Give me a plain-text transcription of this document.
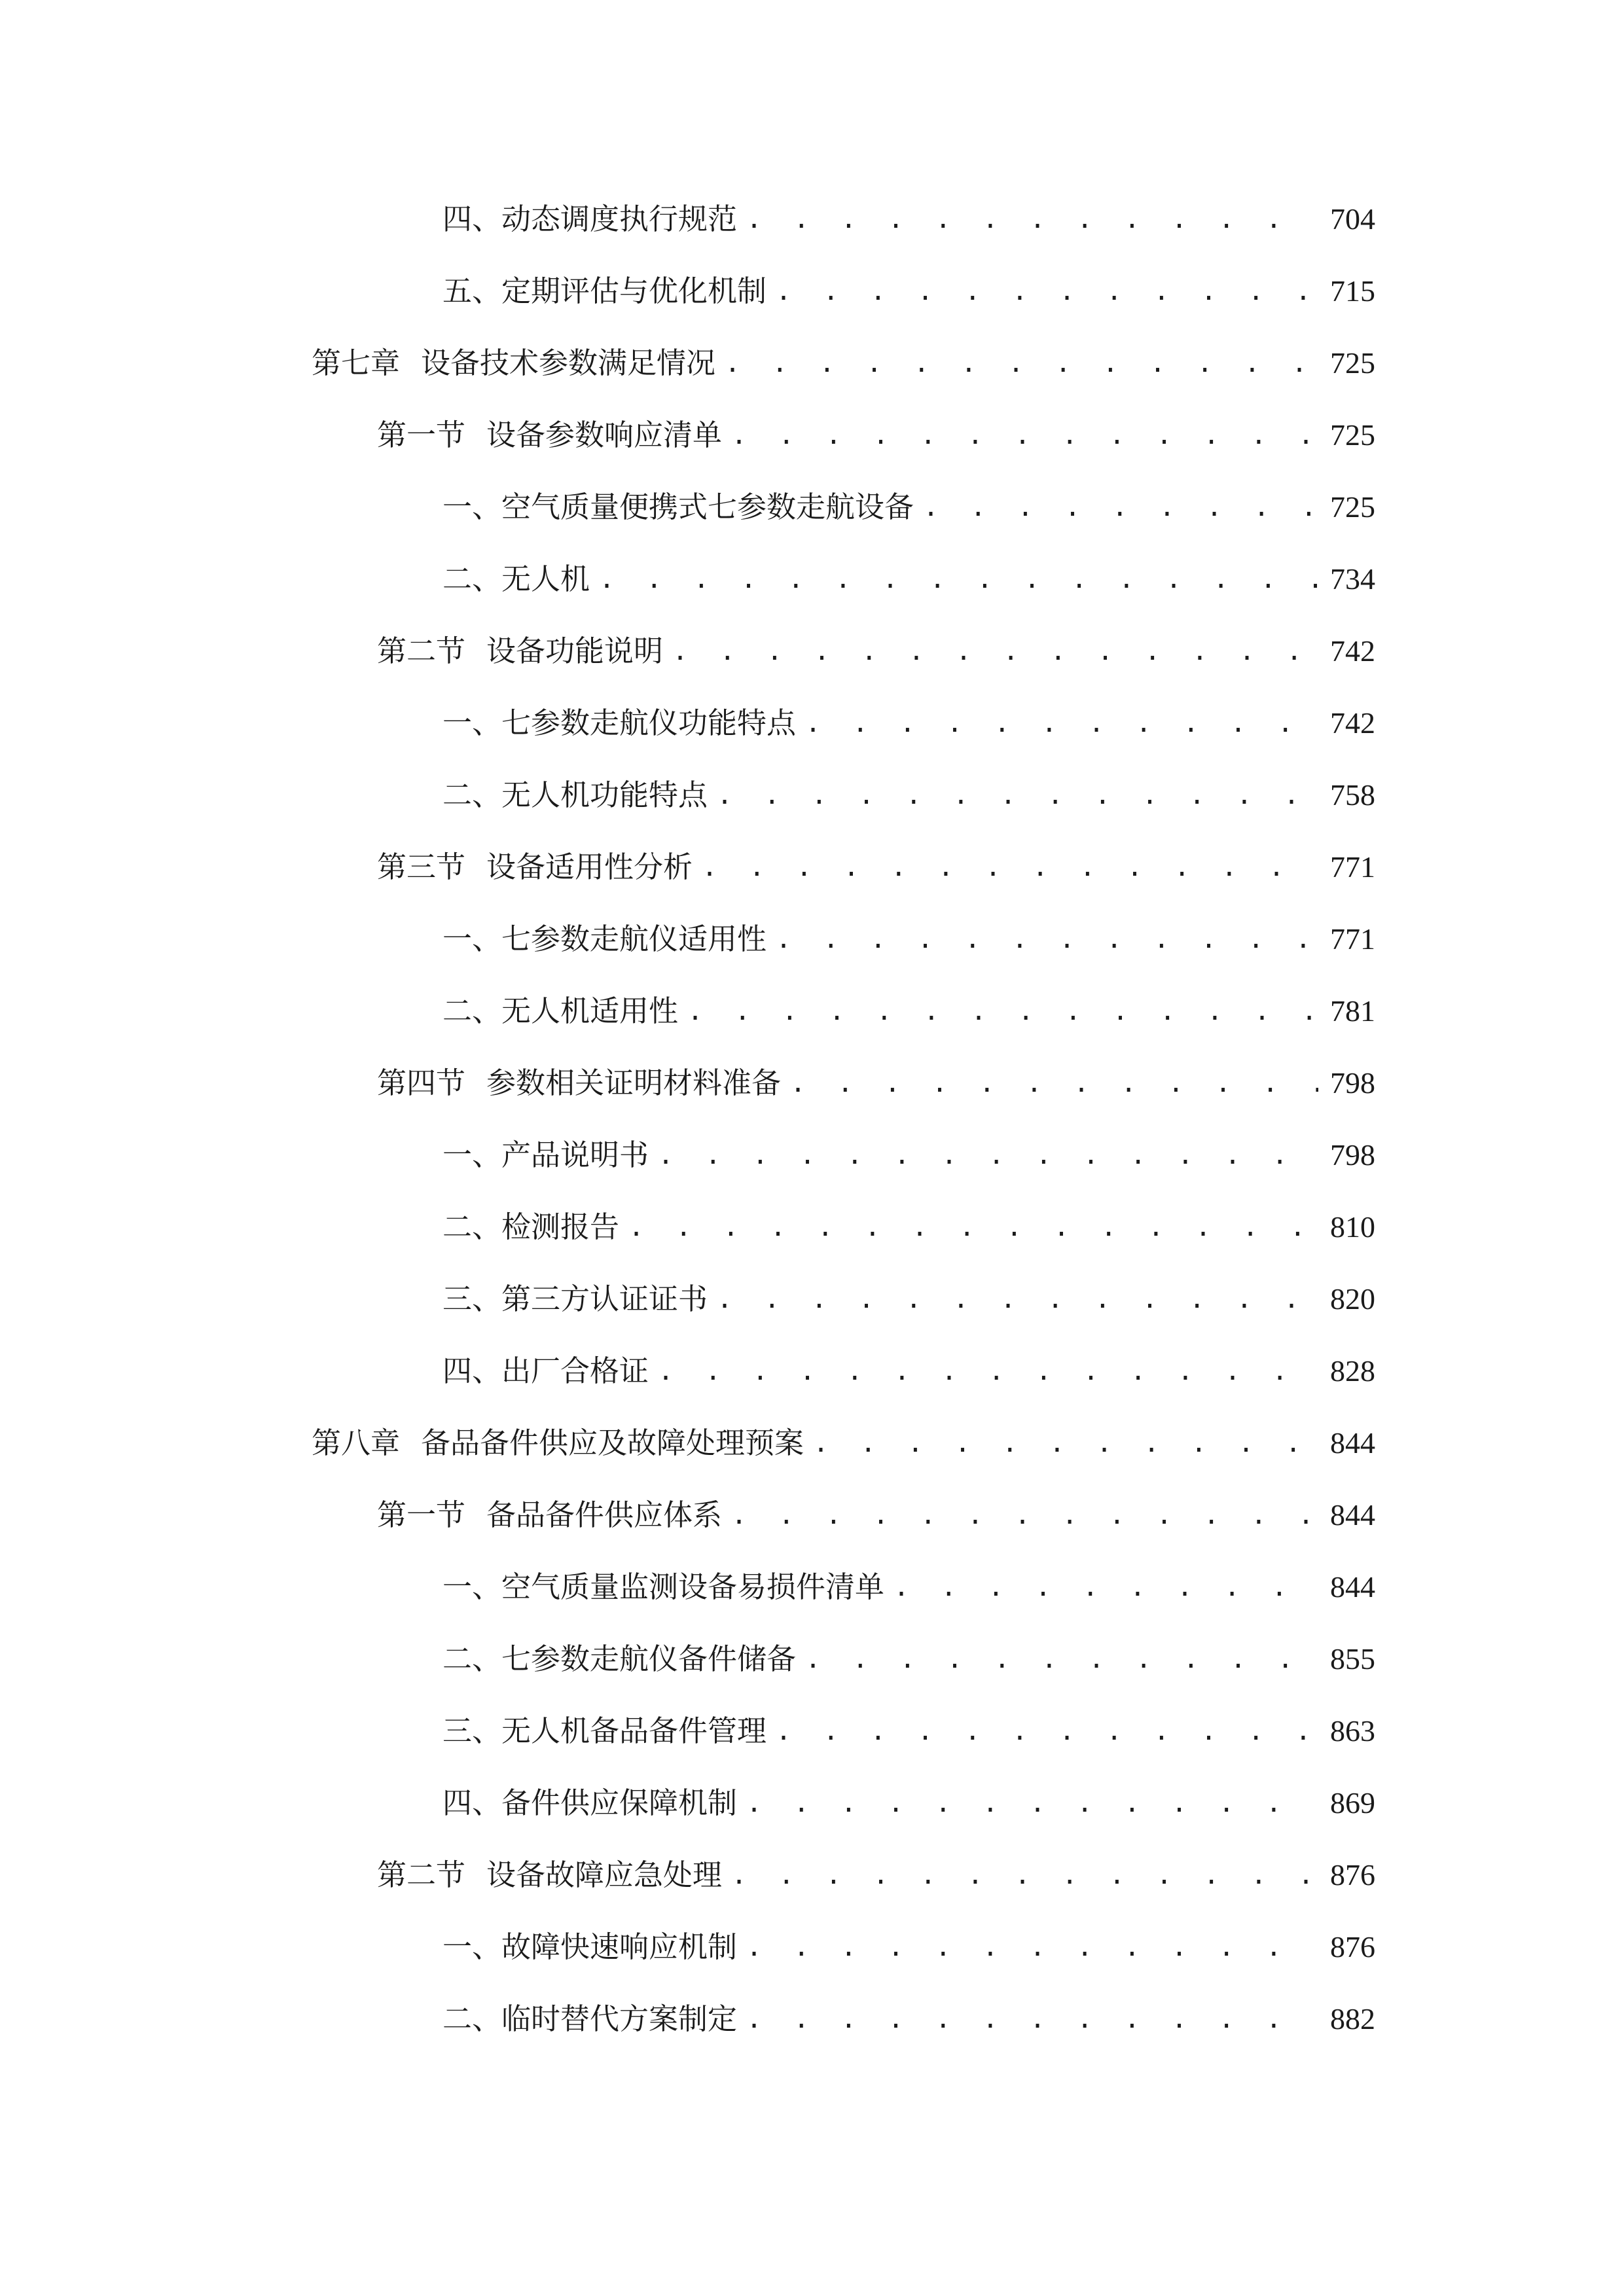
四、 动态调度执行规范 . . .	704
五、 定期评估与优化机制 . . .	715
第七章 设备技术参数满足情况 . . .	725
第一节 设备参数响应清单 . . .	725
一、 空气质量便携式七参数走航设备 . . .	725
二、 无人机 . . .	734
第二节 设备功能说明 . . .	742
一、 七参数走航仪功能特点 . . .	742
二、 无人机功能特点 . . .	758
第三节 设备适用性分析 . . .	771
一、 七参数走航仪适用性 . . .	771
二、 无人机适用性 . . .	781
第四节 参数相关证明材料准备 . . .	798
一、 产品说明书 . . .	798
二、 检测报告 . . .	810
三、 第三方认证证书 . . .	820
四、 出厂合格证 . . .	828
第八章 备品备件供应及故障处理预案 . . .	844
第一节 备品备件供应体系 . . .	844
一、 空气质量监测设备易损件清单 . . .	844
二、 七参数走航仪备件储备 . . .	855
三、 无人机备品备件管理 . . .	863
四、 备件供应保障机制 . . .	869
第二节 设备故障应急处理 . . .	876
一、 故障快速响应机制 . . .	876
二、 临时替代方案制定 . . .	882
